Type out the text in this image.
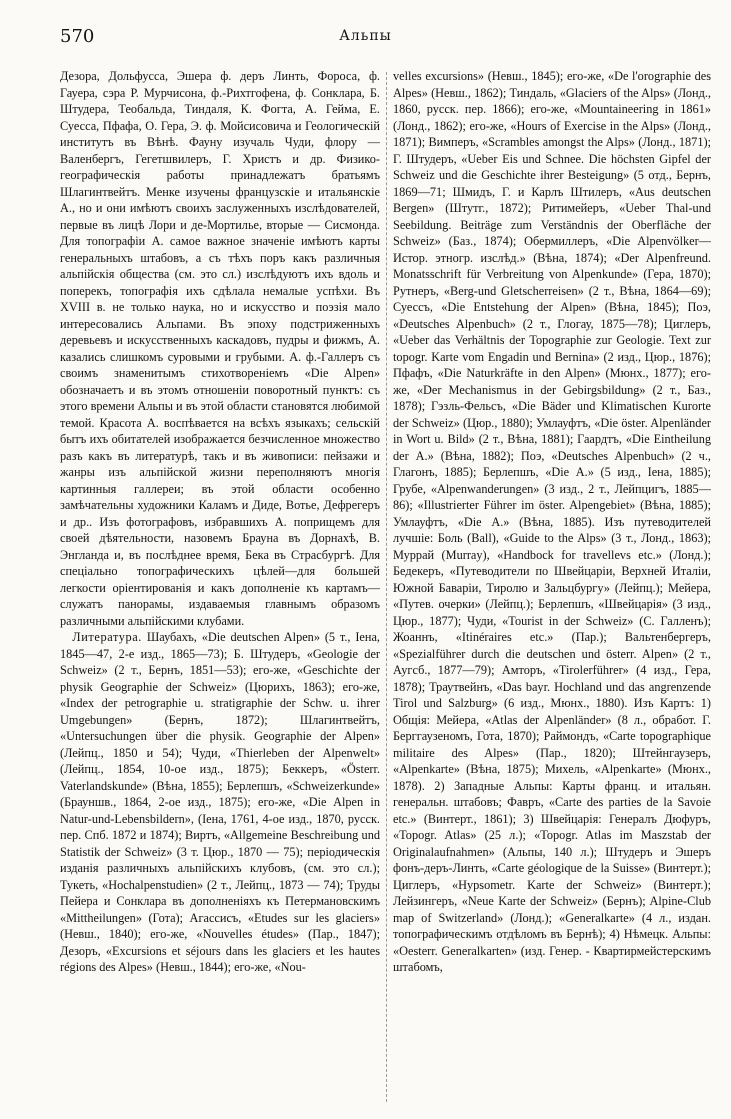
570	Альпы

Дезора, Дольфусса, Эшера ф. деръ Линть, Фороса, ф. Гауера, сэра Р. Мурчисона, ф.-Рихтгофена, ф. Сонклара, Б. Штудера, Теобальда, Тиндаля, К. Фогта, А. Гейма, Е. Суесса, Пфафа, О. Гера, Э. ф. Мойсисовича и Геологическій институтъ въ Вѣнѣ. Фауну изучаль Чуди, флору — Валенбергъ, Гегетшвилеръ, Г. Христъ и др. Физико-географическія работы принадлежатъ братьямъ Шлагинтвейтъ. Менке изучены французскіе и итальянскіе А., но и они имѣютъ своихъ заслуженныхъ изслѣдователей, первые въ лицѣ Лори и де-Мортилье, вторые — Сисмонда. Для топографіи А. самое важное значеніе имѣютъ карты генеральныхъ штабовъ, а съ тѣхъ поръ какъ различныя альпійскія общества (см. это сл.) изслѣдуютъ ихъ вдоль и поперекъ, топографія ихъ сдѣлала немалые успѣхи. Въ XVIII в. не только наука, но и искусство и поэзія мало интересовались Альпами. Въ эпоху подстриженныхъ деревьевъ и искусственныхъ каскадовъ, пудры и фижмъ, А. казались слишкомъ суровыми и грубыми. А. ф.-Галлеръ съ своимъ знаменитымъ стихотвореніемъ «Die Alpen» обозначаетъ и въ этомъ отношеніи поворотный пунктъ: съ этого времени Альпы и въ этой области становятся любимой темой. Красота А. воспѣвается на всѣхъ языкахъ; сельскій бытъ ихъ обитателей изображается безчисленное множество разъ какъ въ литературѣ, такъ и въ живописи: пейзажи и жанры изъ альпійской жизни переполняютъ многія картинныя галлереи; въ этой области особенно замѣчательны художники Каламъ и Диде, Вотье, Дефрегеръ и др.. Изъ фотографовъ, избравшихъ А. поприщемъ для своей дѣятельности, назовемъ Брауна въ Дорнахѣ, В. Энгланда и, въ послѣднее время, Бека въ Страсбургѣ. Для спеціально топографическихъ цѣлей—для большей легкости оріентированія и какъ дополненіе къ картамъ—служатъ панорамы, издаваемыя главнымъ образомъ различными альпійскими клубами.

 Литература. Шаубахъ, «Die deutschen Alpen» (5 т., Іена, 1845—47, 2-е изд., 1865—73); Б. Штудеръ, «Geologie der Schweiz» (2 т., Бернъ, 1851—53); его-же, «Geschichte der physik Geographie der Schweiz» (Цюрихъ, 1863); его-же, «Index der petrographie u. stratigraphie der Schw. u. ihrer Umgebungen» (Бернъ, 1872); Шлагинтвейтъ, «Untersuchungen über die physik. Geographie der Alpen» (Лейпц., 1850 и 54); Чуди, «Thierleben der Alpenwelt» (Лейпц., 1854, 10-ое изд., 1875); Беккеръ, «Österr. Vaterlandskunde» (Вѣна, 1855); Берлепшъ, «Schweizerkunde» (Брауншв., 1864, 2-ое изд., 1875); его-же, «Die Alpen in Natur-und-Lebensbildern», (Іена, 1761, 4-ое изд., 1870, русск. пер. Спб. 1872 и 1874); Виртъ, «Allgemeine Beschreibung und Statistik der Schweiz» (3 т. Цюр., 1870 — 75); періодическія изданія различныхъ альпійскихъ клубовъ, (см. это сл.); Тукеть, «Hochalpenstudien» (2 т., Лейпц., 1873 — 74); Труды Пейера и Сонклара въ дополненіяхъ къ Петермановскимъ «Mittheilungen» (Гота); Агассисъ, «Etudes sur les glaciers» (Невш., 1840); его-же, «Nouvelles études» (Пар., 1847); Дезоръ, «Excursions et séjours dans les glaciers et les hautes régions des Alpes» (Невш., 1844); его-же, «Nou-

velles excursions» (Невш., 1845); его-же, «De l'orographie des Alpes» (Невш., 1862); Тиндаль, «Glaciers of the Alps» (Лонд., 1860, русск. пер. 1866); его-же, «Mountaineering in 1861» (Лонд., 1862); его-же, «Hours of Exercise in the Alps» (Лонд., 1871); Вимперъ, «Scrambles amongst the Alps» (Лонд., 1871); Г. Штудеръ, «Ueber Eis und Schnee. Die höchsten Gipfel der Schweiz und die Geschichte ihrer Besteigung» (5 отд., Бернъ, 1869—71; Шмидъ, Г. и Карлъ Штилеръ, «Aus deutschen Bergen» (Штутг., 1872); Ритимейеръ, «Ueber Thal-und Seebildung. Beiträge zum Verständnis der Oberfläche der Schweiz» (Баз., 1874); Обермиллеръ, «Die Alpenvölker—Истор. этногр. изслѣд.» (Вѣна, 1874); «Der Alpenfreund. Monatsschrift für Verbreitung von Alpenkunde» (Гера, 1870); Рутнеръ, «Berg-und Gletscherreisen» (2 т., Вѣна, 1864—69); Суессъ, «Die Entstehung der Alpen» (Вѣна, 1845); Поэ, «Deutsches Alpenbuch» (2 т., Глогау, 1875—78); Циглеръ, «Ueber das Verhältnis der Topographie zur Geologie. Text zur topogr. Karte vom Engadin und Bernina» (2 изд., Цюр., 1876); Пфафъ, «Die Naturkräfte in den Alpen» (Мюнх., 1877); его-же, «Der Mechanismus in der Gebirgsbildung» (2 т., Баз., 1878); Гэзль-Фельсъ, «Die Bäder und Klimatischen Kurorte der Schweiz» (Цюр., 1880); Умлауфтъ, «Die öster. Alpenländer in Wort u. Bild» (2 т., Вѣна, 1881); Гаардтъ, «Die Eintheilung der А.» (Вѣна, 1882); Поэ, «Deutsches Alpenbuch» (2 ч., Глагонъ, 1885); Берлепшъ, «Die А.» (5 изд., Іена, 1885); Грубе, «Alpenwanderungen» (3 изд., 2 т., Лейпцигъ, 1885—86); «Illustrierter Führer im öster. Alpengebiet» (Вѣна, 1885); Умлауфтъ, «Die А.» (Вѣна, 1885). Изъ путеводителей лучшіе: Боль (Ball), «Guide to the Alps» (3 т., Лонд., 1863); Муррай (Murray), «Handbock for travellevs etc.» (Лонд.); Бедекеръ, «Путеводители по Швейцаріи, Верхней Италіи, Южной Баваріи, Тиролю и Зальцбургу» (Лейпц.); Мейера, «Путев. очерки» (Лейпц.); Берлепшъ, «Швейцарія» (3 изд., Цюр., 1877); Чуди, «Tourist in der Schweiz» (С. Галленъ); Жоаннъ, «Itinéraires etc.» (Пар.); Вальтенбергеръ, «Spezialführer durch die deutschen und österr. Alpen» (2 т., Аугсб., 1877—79); Амторъ, «Tirolerführer» (4 изд., Гера, 1878); Траутвейнъ, «Das bayr. Hochland und das angrenzende Tirol und Salzburg» (6 изд., Мюнх., 1880). Изъ Картъ: 1) Общія: Мейера, «Atlas der Alpenländer» (8 л., обработ. Г. Берггаузеномъ, Гота, 1870); Раймондъ, «Carte topographique militaire des Alpes» (Пар., 1820); Штейнгаузеръ, «Alpenkarte» (Вѣна, 1875); Михель, «Alpenkarte» (Мюнх., 1878). 2) Западные Альпы: Карты франц. и итальян. генеральн. штабовъ; Фавръ, «Carte des parties de la Savoie etc.» (Винтерт., 1861); 3) Швейцарія: Генералъ Дюфуръ, «Topogr. Atlas» (25 л.); «Topogr. Atlas im Maszstab der Originalaufnahmen» (Альпы, 140 л.); Штудеръ и Эшеръ фонъ-деръ-Линть, «Carte géologique de la Suisse» (Винтерт.); Циглеръ, «Hypsometr. Karte der Schweiz» (Винтерт.); Лейзингеръ, «Neue Karte der Schweiz» (Бернъ); Alpine-Club map of Switzerland» (Лонд.); «Generalkarte» (4 л., издан. топографическимъ отдѣломъ въ Бернѣ); 4) Нѣмецк. Альпы: «Oesterr. Generalkarten» (изд. Генер. - Квартирмейстерскимъ штабомъ,
